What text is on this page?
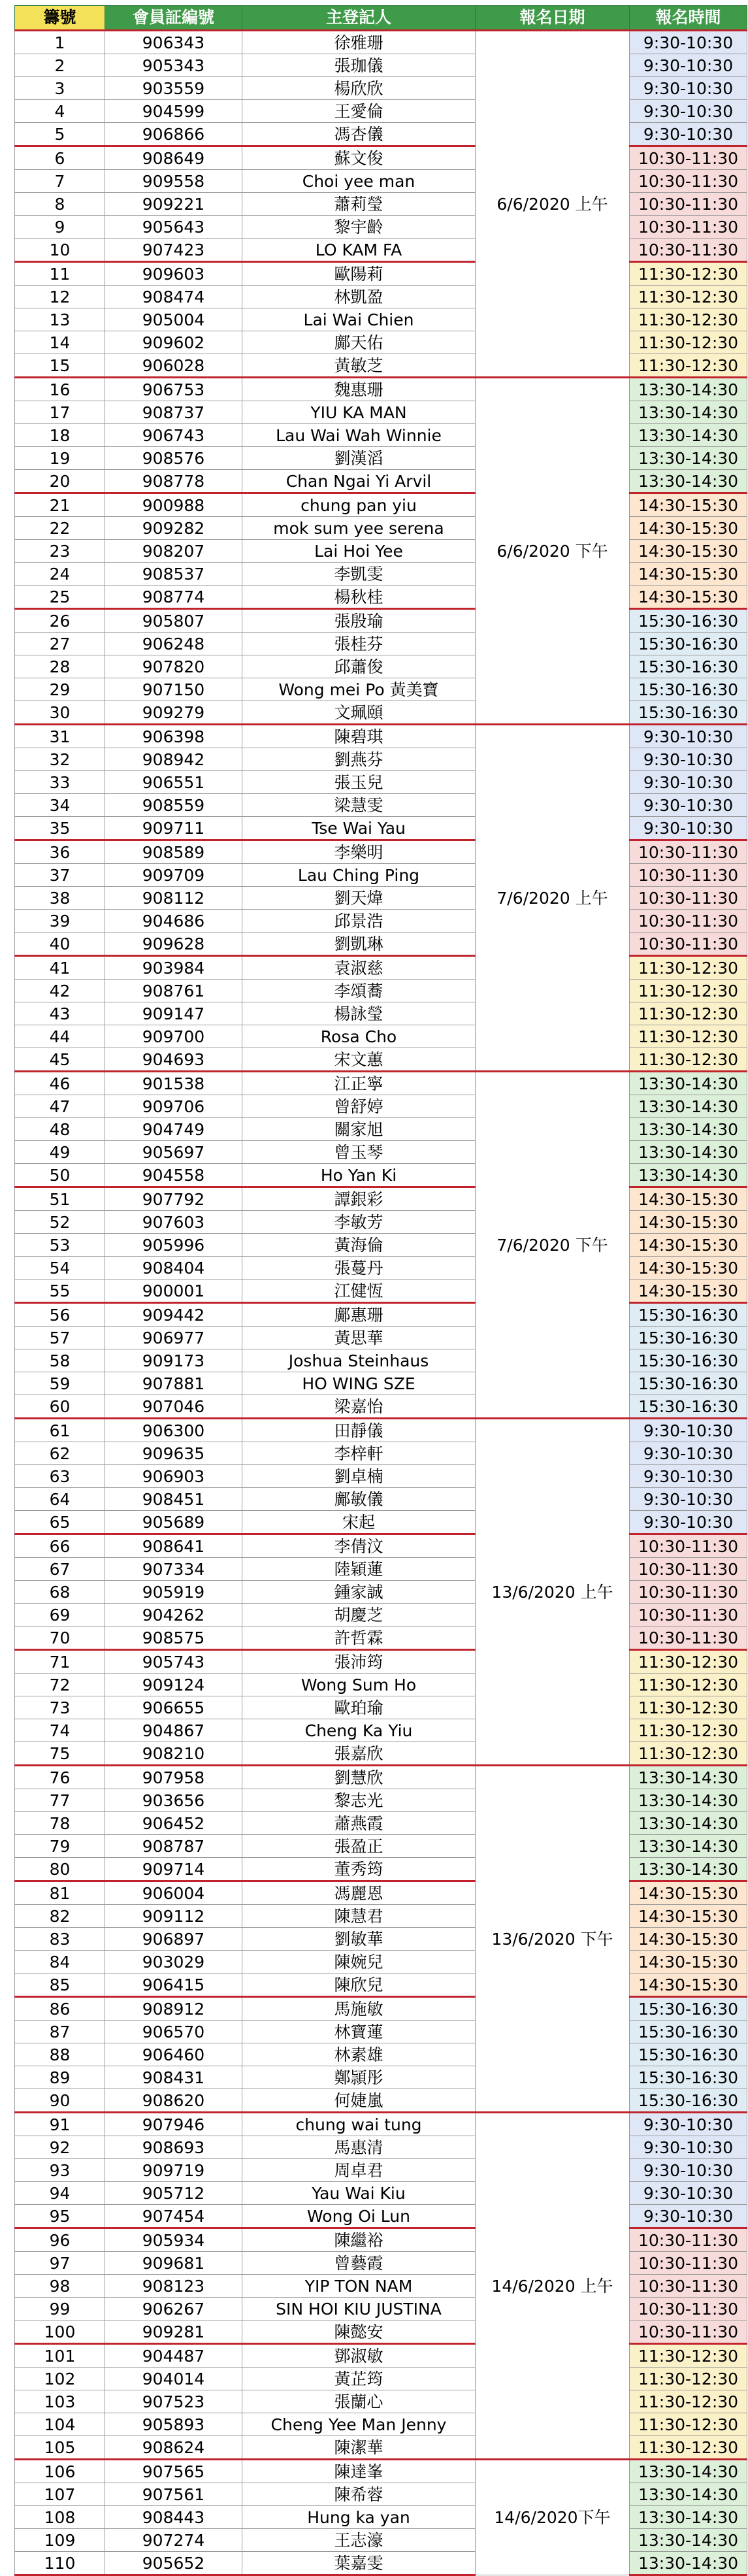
籌號	會員証編號	主登記人	報名日期	報名時間
1	906343	徐雅珊	6/6/2020 上午	9:30-10:30
2	905343	張珈儀		9:30-10:30
3	903559	楊欣欣		9:30-10:30
4	904599	王愛倫		9:30-10:30
5	906866	馮杏儀		9:30-10:30
6	908649	蘇文俊		10:30-11:30
7	909558	Choi yee man		10:30-11:30
8	909221	蕭莉瑩		10:30-11:30
9	905643	黎宇齡		10:30-11:30
10	907423	LO KAM FA		10:30-11:30
11	909603	歐陽莉		11:30-12:30
12	908474	林凱盈		11:30-12:30
13	905004	Lai Wai Chien		11:30-12:30
14	909602	鄺天佑		11:30-12:30
15	906028	黃敏芝		11:30-12:30
16	906753	魏惠珊	6/6/2020 下午	13:30-14:30
17	908737	YIU KA MAN		13:30-14:30
18	906743	Lau Wai Wah Winnie		13:30-14:30
19	908576	劉漢滔		13:30-14:30
20	908778	Chan Ngai Yi Arvil		13:30-14:30
21	900988	chung pan yiu		14:30-15:30
22	909282	mok sum yee serena		14:30-15:30
23	908207	Lai Hoi Yee		14:30-15:30
24	908537	李凱雯		14:30-15:30
25	908774	楊秋桂		14:30-15:30
26	905807	張殷瑜		15:30-16:30
27	906248	張桂芬		15:30-16:30
28	907820	邱蕭俊		15:30-16:30
29	907150	Wong mei Po 黃美寶		15:30-16:30
30	909279	文珮頤		15:30-16:30
31	906398	陳碧琪	7/6/2020 上午	9:30-10:30
32	908942	劉燕芬		9:30-10:30
33	906551	張玉兒		9:30-10:30
34	908559	梁慧雯		9:30-10:30
35	909711	Tse Wai Yau		9:30-10:30
36	908589	李樂明		10:30-11:30
37	909709	Lau Ching Ping		10:30-11:30
38	908112	劉天煒		10:30-11:30
39	904686	邱景浩		10:30-11:30
40	909628	劉凱琳		10:30-11:30
41	903984	袁淑慈		11:30-12:30
42	908761	李頌蕎		11:30-12:30
43	909147	楊詠瑩		11:30-12:30
44	909700	Rosa Cho		11:30-12:30
45	904693	宋文蕙		11:30-12:30
46	901538	江正寧	7/6/2020 下午	13:30-14:30
47	909706	曾舒婷		13:30-14:30
48	904749	關家旭		13:30-14:30
49	905697	曾玉琴		13:30-14:30
50	904558	Ho Yan Ki		13:30-14:30
51	907792	譚銀彩		14:30-15:30
52	907603	李敏芳		14:30-15:30
53	905996	黃海倫		14:30-15:30
54	908404	張蔓丹		14:30-15:30
55	900001	江健恆		14:30-15:30
56	909442	鄺惠珊		15:30-16:30
57	906977	黃思華		15:30-16:30
58	909173	Joshua Steinhaus		15:30-16:30
59	907881	HO WING SZE		15:30-16:30
60	907046	梁嘉怡		15:30-16:30
61	906300	田靜儀	13/6/2020 上午	9:30-10:30
62	909635	李梓軒		9:30-10:30
63	906903	劉卓楠		9:30-10:30
64	908451	鄺敏儀		9:30-10:30
65	905689	宋起		9:30-10:30
66	908641	李倩汶		10:30-11:30
67	907334	陸穎蓮		10:30-11:30
68	905919	鍾家誠		10:30-11:30
69	904262	胡慶芝		10:30-11:30
70	908575	許哲霖		10:30-11:30
71	905743	張沛筠		11:30-12:30
72	909124	Wong Sum Ho		11:30-12:30
73	906655	歐珀瑜		11:30-12:30
74	904867	Cheng Ka Yiu		11:30-12:30
75	908210	張嘉欣		11:30-12:30
76	907958	劉慧欣	13/6/2020 下午	13:30-14:30
77	903656	黎志光		13:30-14:30
78	906452	蕭燕霞		13:30-14:30
79	908787	張盈正		13:30-14:30
80	909714	董秀筠		13:30-14:30
81	906004	馮麗恩		14:30-15:30
82	909112	陳慧君		14:30-15:30
83	906897	劉敏華		14:30-15:30
84	903029	陳婉兒		14:30-15:30
85	906415	陳欣兒		14:30-15:30
86	908912	馬施敏		15:30-16:30
87	906570	林寶蓮		15:30-16:30
88	906460	林素雄		15:30-16:30
89	908431	鄭頴彤		15:30-16:30
90	908620	何婕嵐		15:30-16:30
91	907946	chung wai tung	14/6/2020 上午	9:30-10:30
92	908693	馬惠清		9:30-10:30
93	909719	周卓君		9:30-10:30
94	905712	Yau Wai Kiu		9:30-10:30
95	907454	Wong Oi Lun		9:30-10:30
96	905934	陳繼裕		10:30-11:30
97	909681	曾藝霞		10:30-11:30
98	908123	YIP TON NAM		10:30-11:30
99	906267	SIN HOI KIU JUSTINA		10:30-11:30
100	909281	陳懿安		10:30-11:30
101	904487	鄧淑敏		11:30-12:30
102	904014	黃芷筠		11:30-12:30
103	907523	張蘭心		11:30-12:30
104	905893	Cheng Yee Man Jenny		11:30-12:30
105	908624	陳潔華		11:30-12:30
106	907565	陳達峯	14/6/2020下午	13:30-14:30
107	907561	陳希蓉		13:30-14:30
108	908443	Hung ka yan		13:30-14:30
109	907274	王志濠		13:30-14:30
110	905652	葉嘉雯		13:30-14:30
